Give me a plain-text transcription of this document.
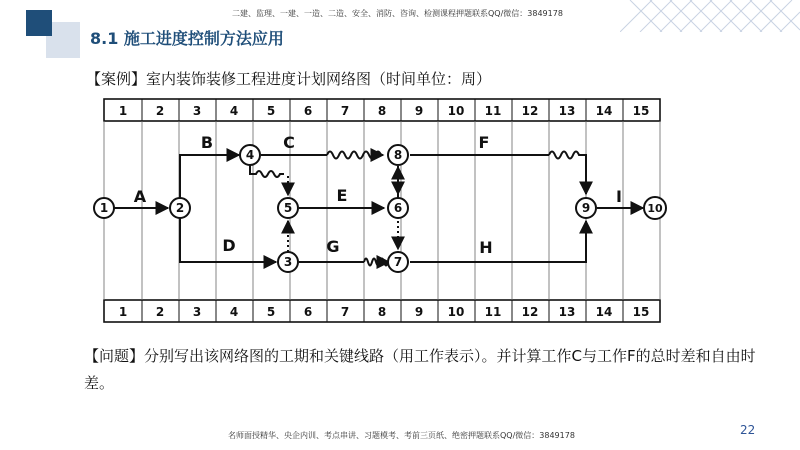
二建、监理、一建、一造、二造、安全、消防、咨询、检测课程押题联系QQ/微信：3849178
8.1 施工进度控制方法应用
【案例】室内装饰装修工程进度计划网络图（时间单位：周）
1 2 3 4 5 6 7 8 9 10 11 12 13 14 15
1 2 3 4 5 6 7 8 9 10 11 12 13 14 15
A
B	C
D
E
F
G	H
I
1	2
3
4
5	6
7
8
9	10
【问题】分别写出该网络图的工期和关键线路（用工作表示）。并计算工作C与工作F的总时差和自由时差。
名师面授精华、央企内训、考点串讲、习题模考、考前三页纸、绝密押题联系QQ/微信：3849178	22
